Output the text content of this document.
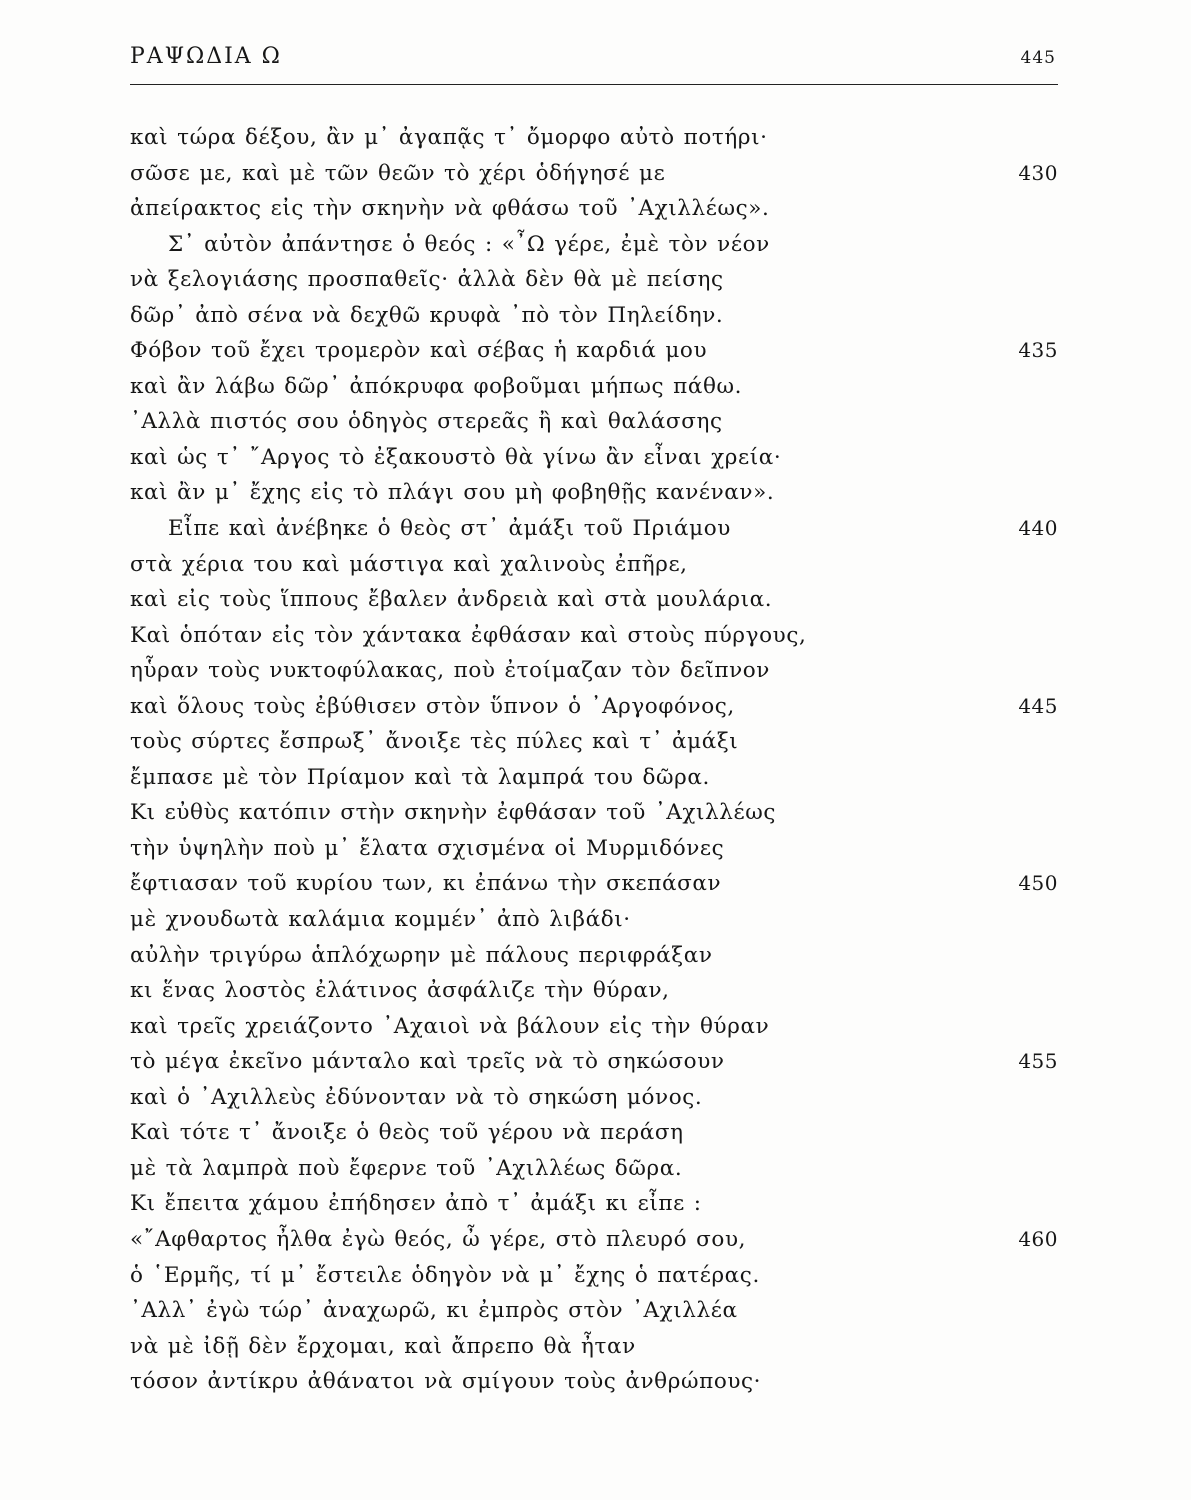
ΡΑΨΩΔΙΑ Ω	445
καὶ τώρα δέξου, ἂν μ᾽ ἀγαπᾷς τ᾽ ὄμορφο αὐτὸ ποτήρι·
σῶσε με, καὶ μὲ τῶν θεῶν τὸ χέρι ὁδήγησέ με	430
ἀπείρακτος εἰς τὴν σκηνὴν νὰ φθάσω τοῦ ᾽Αχιλλέως».
Σ᾽ αὐτὸν ἀπάντησε ὁ θεός : «῏Ω γέρε, ἐμὲ τὸν νέον
νὰ ξελογιάσης προσπαθεῖς· ἀλλὰ δὲν θὰ μὲ πείσης
δῶρ᾽ ἀπὸ σένα νὰ δεχθῶ κρυφὰ ᾽πὸ τὸν Πηλείδην.
Φόβον τοῦ ἔχει τρομερὸν καὶ σέβας ἡ καρδιά μου	435
καὶ ἂν λάβω δῶρ᾽ ἀπόκρυφα φοβοῦμαι μήπως πάθω.
᾽Αλλὰ πιστός σου ὁδηγὸς στερεᾶς ἢ καὶ θαλάσσης
καὶ ὡς τ᾽ ῎Αργος τὸ ἐξακουστὸ θὰ γίνω ἂν εἶναι χρεία·
καὶ ἂν μ᾽ ἔχης εἰς τὸ πλάγι σου μὴ φοβηθῇς κανέναν».
Εἶπε καὶ ἀνέβηκε ὁ θεὸς στ᾽ ἀμάξι τοῦ Πριάμου	440
στὰ χέρια του καὶ μάστιγα καὶ χαλινοὺς ἐπῆρε,
καὶ εἰς τοὺς ἵππους ἔβαλεν ἀνδρειὰ καὶ στὰ μουλάρια.
Καὶ ὁπόταν εἰς τὸν χάντακα ἐφθάσαν καὶ στοὺς πύργους,
ηὗραν τοὺς νυκτοφύλακας, ποὺ ἐτοίμαζαν τὸν δεῖπνον
καὶ ὅλους τοὺς ἐβύθισεν στὸν ὕπνον ὁ ᾽Αργοφόνος,	445
τοὺς σύρτες ἔσπρωξ᾽ ἄνοιξε τὲς πύλες καὶ τ᾽ ἀμάξι
ἔμπασε μὲ τὸν Πρίαμον καὶ τὰ λαμπρά του δῶρα.
Κι εὐθὺς κατόπιν στὴν σκηνὴν ἐφθάσαν τοῦ ᾽Αχιλλέως
τὴν ὑψηλὴν ποὺ μ᾽ ἔλατα σχισμένα οἱ Μυρμιδόνες
ἔφτιασαν τοῦ κυρίου των, κι ἐπάνω τὴν σκεπάσαν	450
μὲ χνουδωτὰ καλάμια κομμέν᾽ ἀπὸ λιβάδι·
αὐλὴν τριγύρω ἁπλόχωρην μὲ πάλους περιφράξαν
κι ἕνας λοστὸς ἐλάτινος ἀσφάλιζε τὴν θύραν,
καὶ τρεῖς χρειάζοντο ᾽Αχαιοὶ νὰ βάλουν εἰς τὴν θύραν
τὸ μέγα ἐκεῖνο μάνταλο καὶ τρεῖς νὰ τὸ σηκώσουν	455
καὶ ὁ ᾽Αχιλλεὺς ἐδύνονταν νὰ τὸ σηκώση μόνος.
Καὶ τότε τ᾽ ἄνοιξε ὁ θεὸς τοῦ γέρου νὰ περάση
μὲ τὰ λαμπρὰ ποὺ ἔφερνε τοῦ ᾽Αχιλλέως δῶρα.
Κι ἔπειτα χάμου ἐπήδησεν ἀπὸ τ᾽ ἀμάξι κι εἶπε :
«῎Αφθαρτος ἦλθα ἐγὼ θεός, ὦ γέρε, στὸ πλευρό σου,	460
ὁ ῾Ερμῆς, τί μ᾽ ἔστειλε ὁδηγὸν νὰ μ᾽ ἔχης ὁ πατέρας.
᾽Αλλ᾽ ἐγὼ τώρ᾽ ἀναχωρῶ, κι ἐμπρὸς στὸν ᾽Αχιλλέα
νὰ μὲ ἰδῇ δὲν ἔρχομαι, καὶ ἄπρεπο θὰ ἦταν
τόσον ἀντίκρυ ἀθάνατοι νὰ σμίγουν τοὺς ἀνθρώπους·
